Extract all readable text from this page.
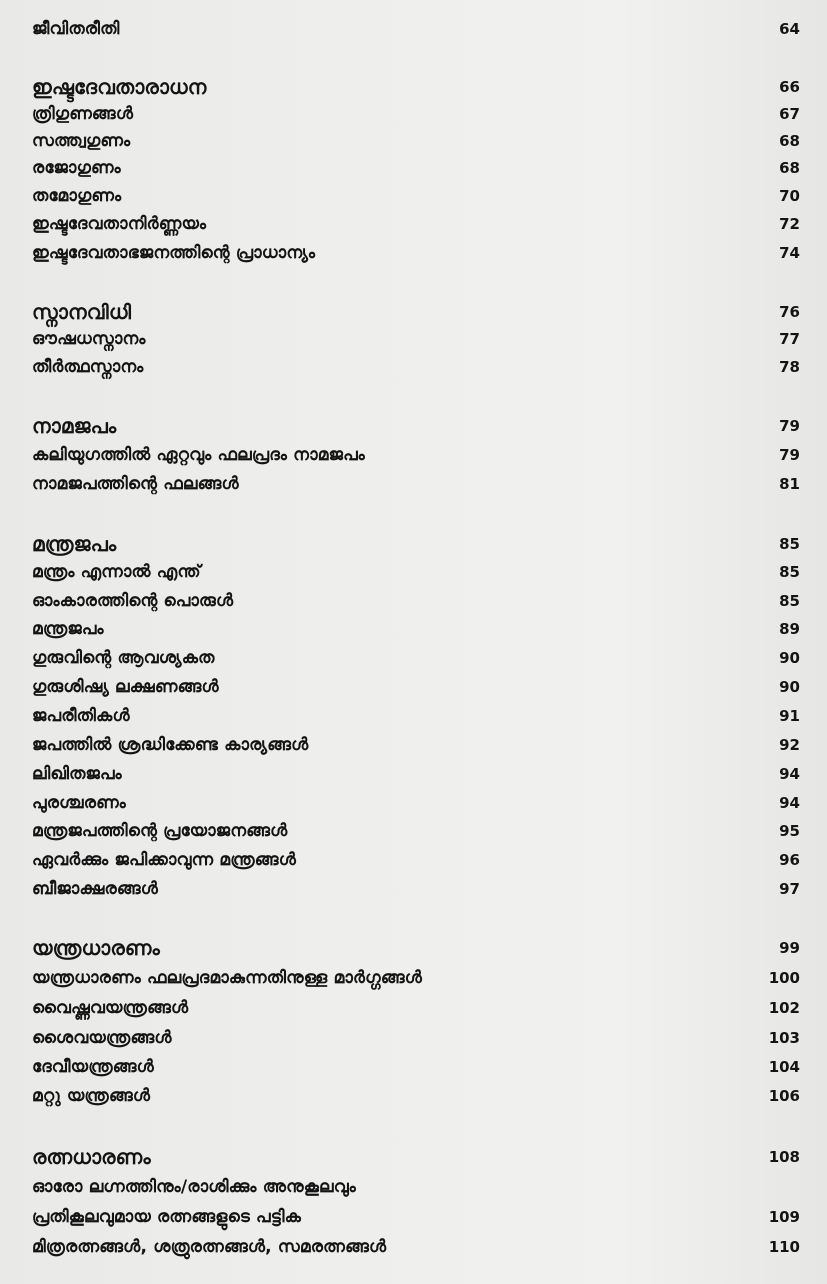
ജീവിതരീതി	64
ഇഷ്ടദേവതാരാധന	66
ത്രിഗുണങ്ങൾ	67
സത്ത്വഗുണം	68
രജോഗുണം	68
തമോഗുണം	70
ഇഷ്ടദേവതാനിർണ്ണയം	72
ഇഷ്ടദേവതാഭജനത്തിന്റെ പ്രാധാന്യം	74
സ്നാനവിധി	76
ഔഷധസ്നാനം	77
തീർത്ഥസ്നാനം	78
നാമജപം	79
കലിയുഗത്തിൽ ഏറ്റവും ഫലപ്രദം നാമജപം	79
നാമജപത്തിന്റെ ഫലങ്ങൾ	81
മന്ത്രജപം	85
മന്ത്രം എന്നാൽ എന്ത്	85
ഓംകാരത്തിന്റെ പൊരുൾ	85
മന്ത്രജപം	89
ഗുരുവിന്റെ ആവശ്യകത	90
ഗുരുശിഷ്യ ലക്ഷണങ്ങൾ	90
ജപരീതികൾ	91
ജപത്തിൽ ശ്രദ്ധിക്കേണ്ട കാര്യങ്ങൾ	92
ലിഖിതജപം	94
പുരശ്ചരണം	94
മന്ത്രജപത്തിന്റെ പ്രയോജനങ്ങൾ	95
ഏവർക്കും ജപിക്കാവുന്ന മന്ത്രങ്ങൾ	96
ബീജാക്ഷരങ്ങൾ	97
യന്ത്രധാരണം	99
യന്ത്രധാരണം ഫലപ്രദമാകുന്നതിനുള്ള മാർഗ്ഗങ്ങൾ	100
വൈഷ്ണവയന്ത്രങ്ങൾ	102
ശൈവയന്ത്രങ്ങൾ	103
ദേവീയന്ത്രങ്ങൾ	104
മറ്റു യന്ത്രങ്ങൾ	106
രത്നധാരണം	108
ഓരോ ലഗ്നത്തിനും/രാശിക്കും അനുകൂലവും
പ്രതികൂലവുമായ രത്നങ്ങളുടെ പട്ടിക	109
മിത്രരത്നങ്ങൾ, ശത്രുരത്നങ്ങൾ, സമരത്നങ്ങൾ	110
